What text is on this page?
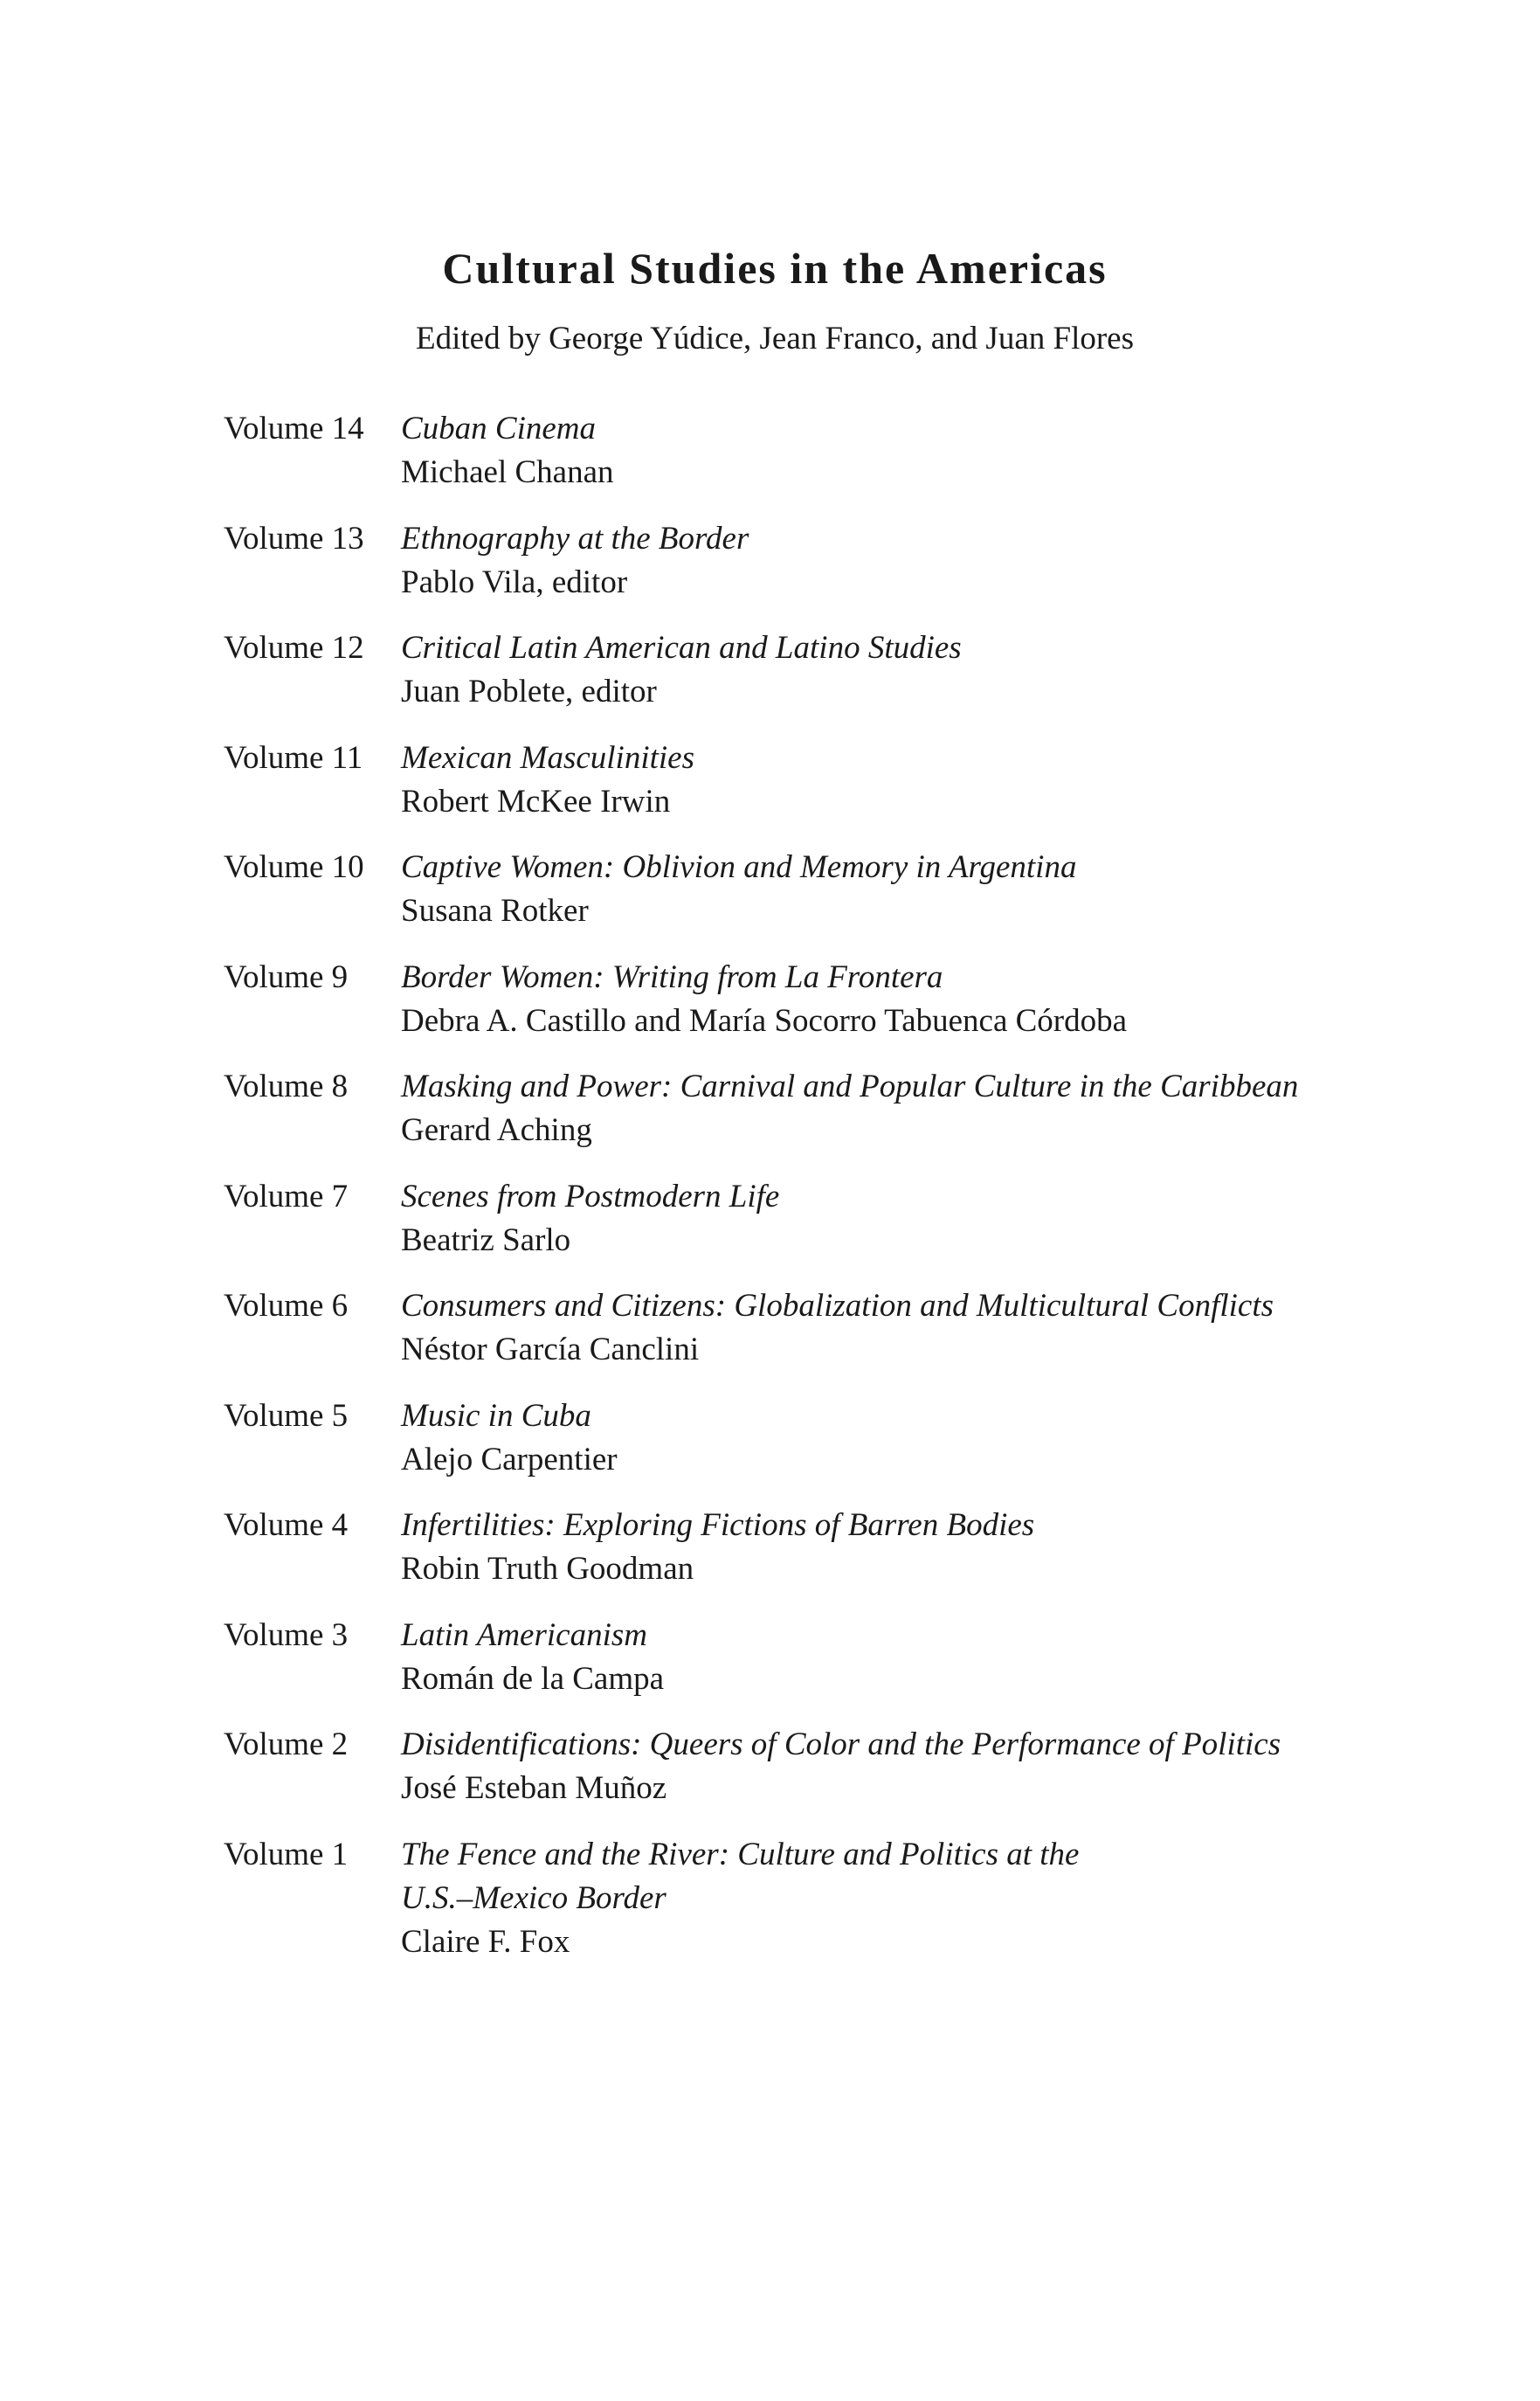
Cultural Studies in the Americas
Edited by George Yúdice, Jean Franco, and Juan Flores
Volume 14	Cuban Cinema
Michael Chanan
Volume 13	Ethnography at the Border
Pablo Vila, editor
Volume 12	Critical Latin American and Latino Studies
Juan Poblete, editor
Volume 11	Mexican Masculinities
Robert McKee Irwin
Volume 10	Captive Women: Oblivion and Memory in Argentina
Susana Rotker
Volume 9	Border Women: Writing from La Frontera
Debra A. Castillo and María Socorro Tabuenca Córdoba
Volume 8	Masking and Power: Carnival and Popular Culture in the Caribbean
Gerard Aching
Volume 7	Scenes from Postmodern Life
Beatriz Sarlo
Volume 6	Consumers and Citizens: Globalization and Multicultural Conflicts
Néstor García Canclini
Volume 5	Music in Cuba
Alejo Carpentier
Volume 4	Infertilities: Exploring Fictions of Barren Bodies
Robin Truth Goodman
Volume 3	Latin Americanism
Román de la Campa
Volume 2	Disidentifications: Queers of Color and the Performance of Politics
José Esteban Muñoz
Volume 1	The Fence and the River: Culture and Politics at the
U.S.–Mexico Border
Claire F. Fox
